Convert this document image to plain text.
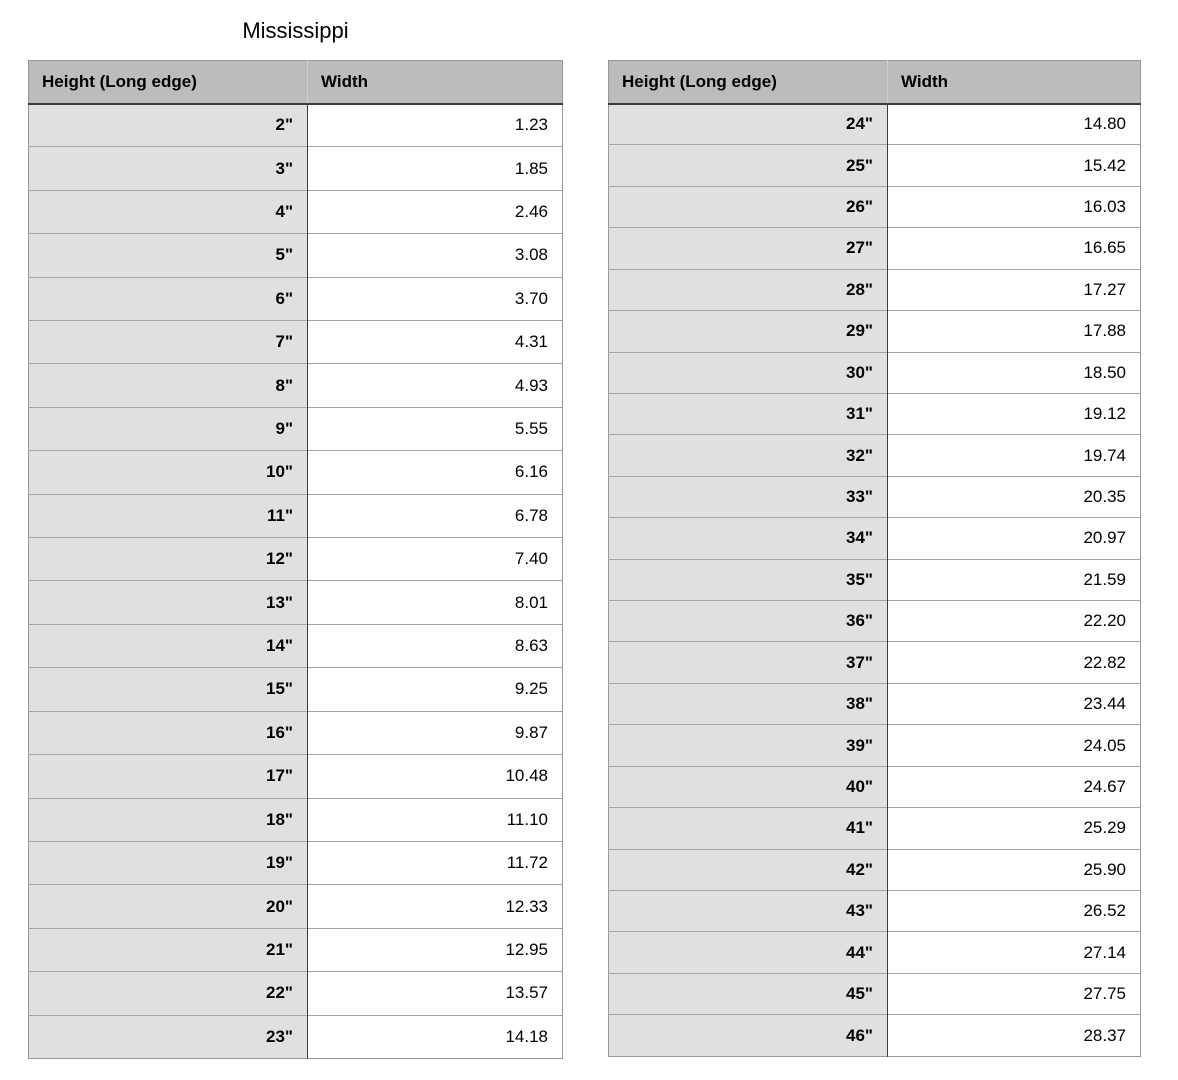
Mississippi
Height (Long edge)	Width
2"	1.23
3"	1.85
4"	2.46
5"	3.08
6"	3.70
7"	4.31
8"	4.93
9"	5.55
10"	6.16
11"	6.78
12"	7.40
13"	8.01
14"	8.63
15"	9.25
16"	9.87
17"	10.48
18"	11.10
19"	11.72
20"	12.33
21"	12.95
22"	13.57
23"	14.18
Height (Long edge)	Width
24"	14.80
25"	15.42
26"	16.03
27"	16.65
28"	17.27
29"	17.88
30"	18.50
31"	19.12
32"	19.74
33"	20.35
34"	20.97
35"	21.59
36"	22.20
37"	22.82
38"	23.44
39"	24.05
40"	24.67
41"	25.29
42"	25.90
43"	26.52
44"	27.14
45"	27.75
46"	28.37
